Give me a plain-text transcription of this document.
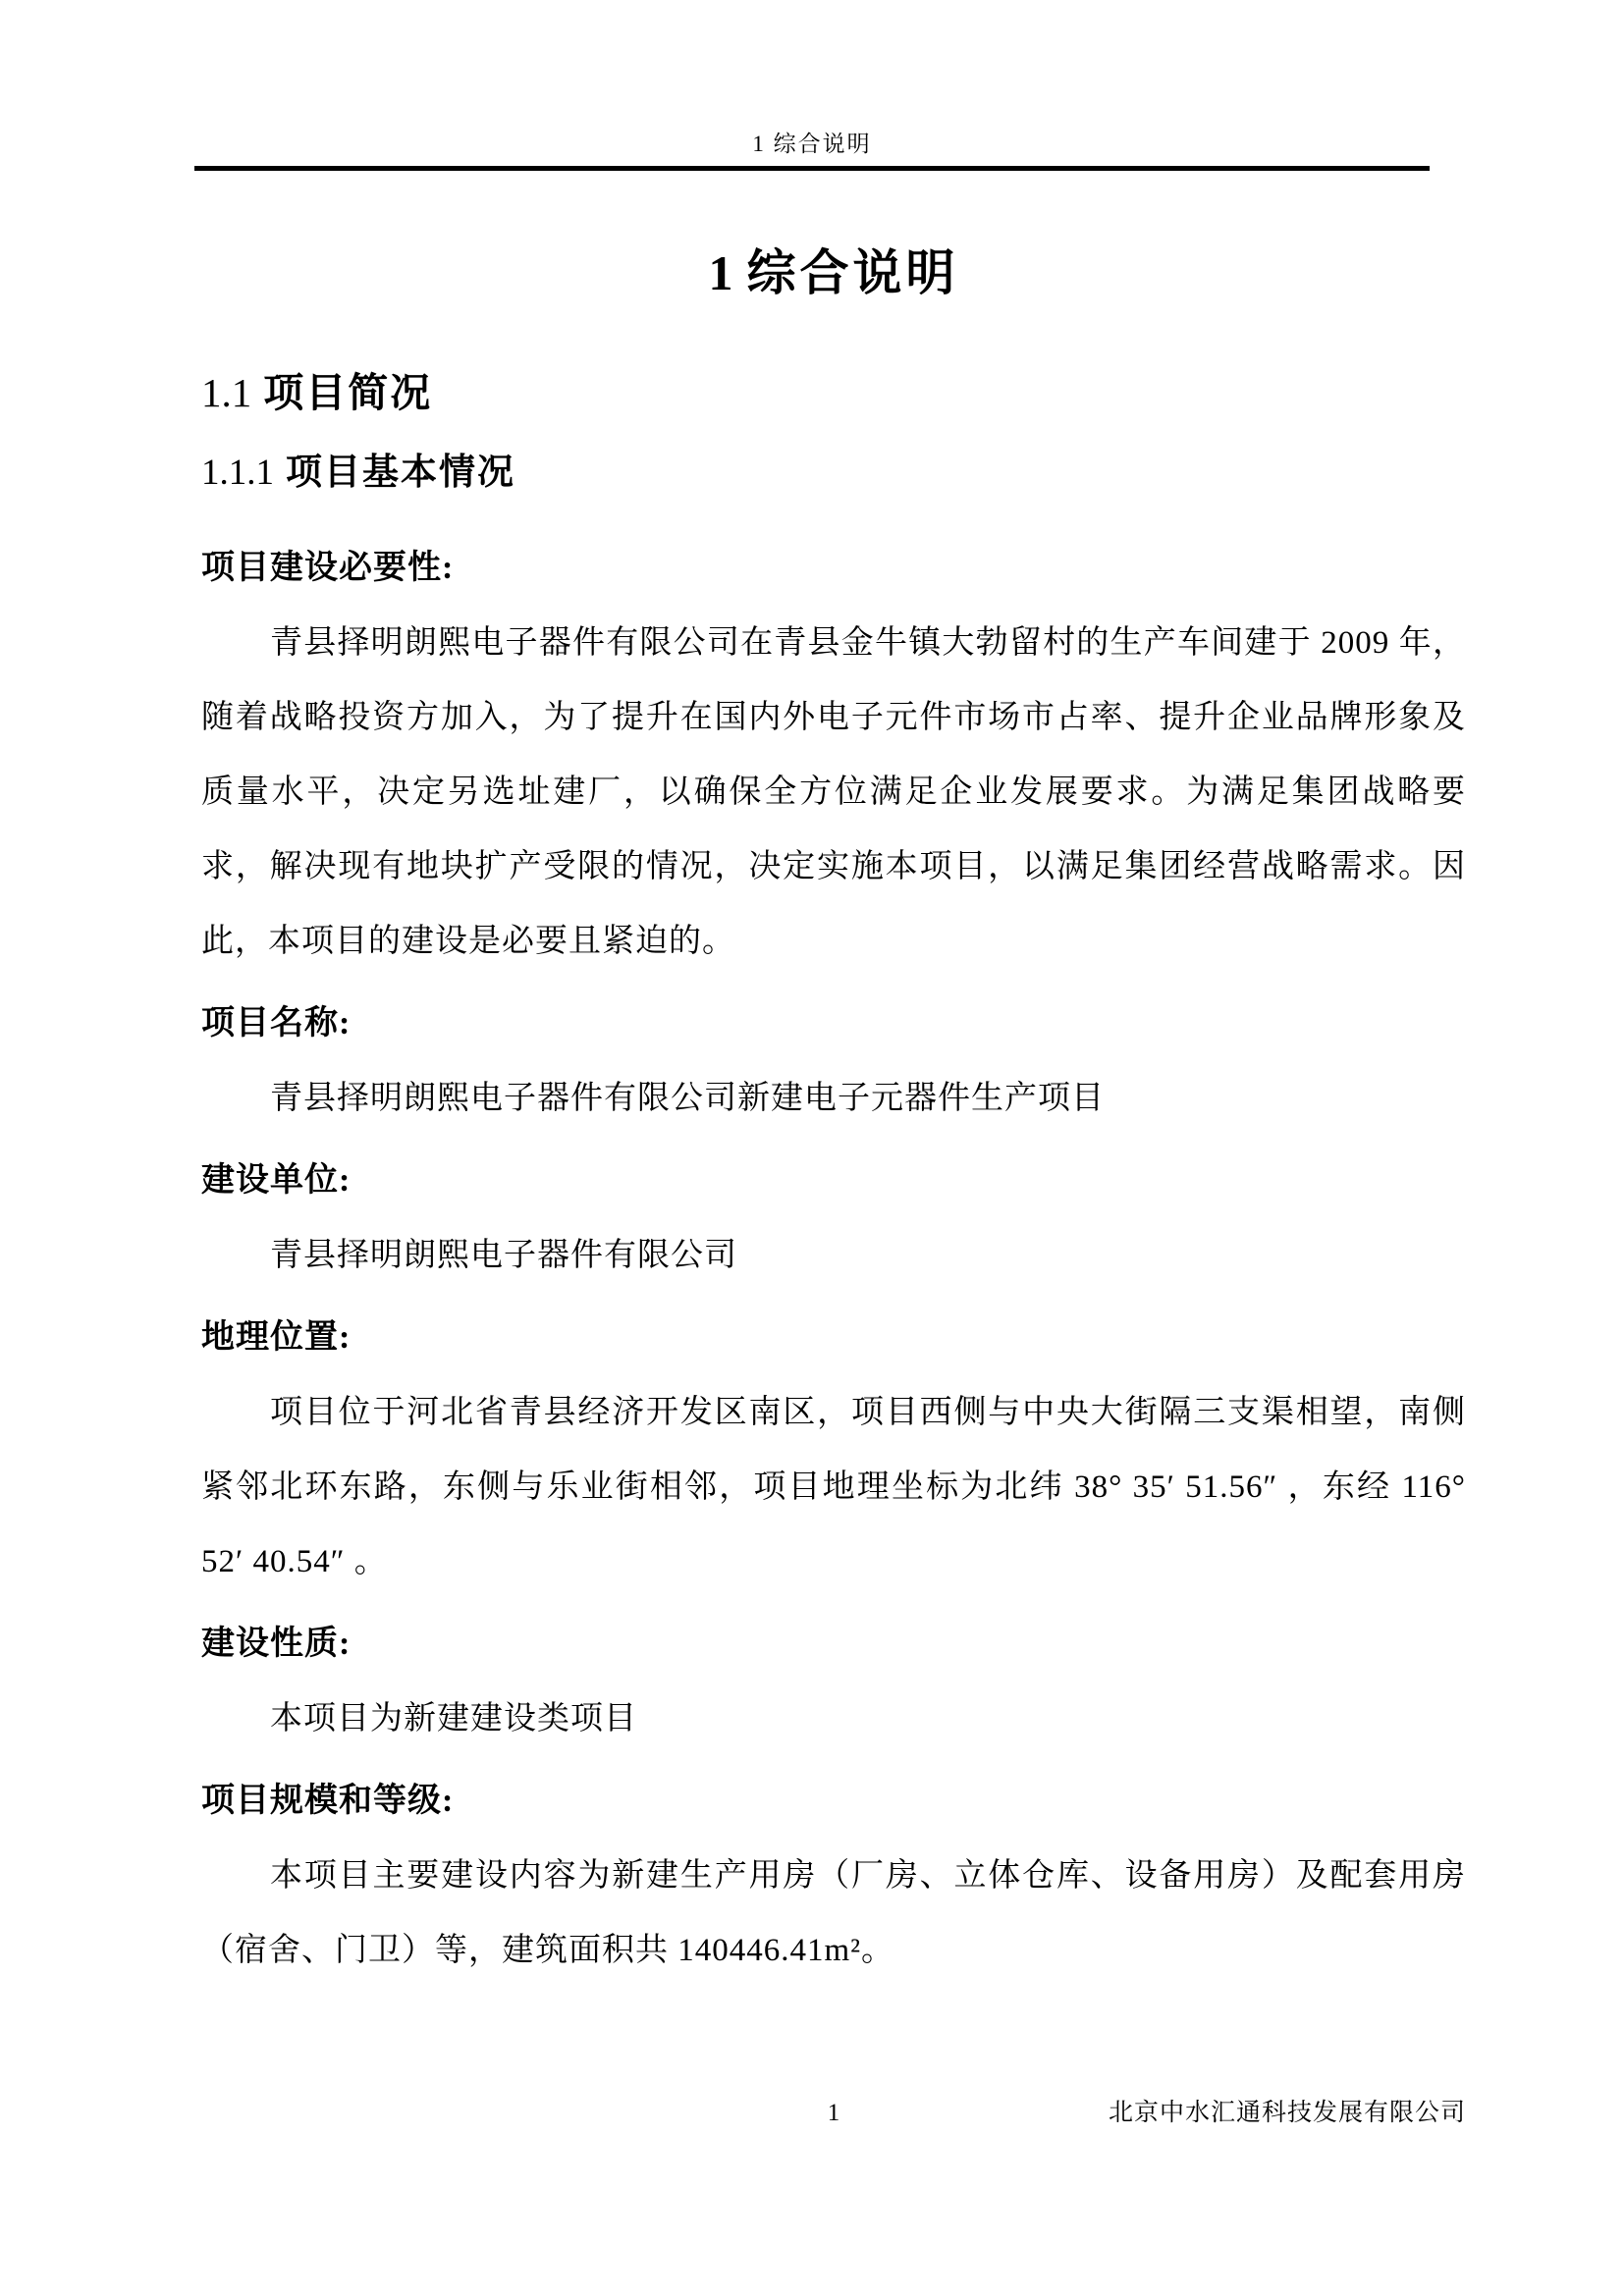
1 综合说明
1 综合说明
1.1 项目简况
1.1.1 项目基本情况

项目建设必要性:

青县择明朗熙电子器件有限公司在青县金牛镇大勃留村的生产车间建于 2009 年，随着战略投资方加入，为了提升在国内外电子元件市场市占率、提升企业品牌形象及质量水平，决定另选址建厂，以确保全方位满足企业发展要求。为满足集团战略要求，解决现有地块扩产受限的情况，决定实施本项目，以满足集团经营战略需求。因此，本项目的建设是必要且紧迫的。

项目名称:

青县择明朗熙电子器件有限公司新建电子元器件生产项目

建设单位:

青县择明朗熙电子器件有限公司

地理位置:

项目位于河北省青县经济开发区南区，项目西侧与中央大街隔三支渠相望，南侧紧邻北环东路，东侧与乐业街相邻，项目地理坐标为北纬 38° 35′ 51.56″ ，东经 116° 52′ 40.54″ 。

建设性质:

本项目为新建建设类项目

项目规模和等级:

本项目主要建设内容为新建生产用房（厂房、立体仓库、设备用房）及配套用房（宿舍、门卫）等，建筑面积共 140446.41m²。

1	北京中水汇通科技发展有限公司
